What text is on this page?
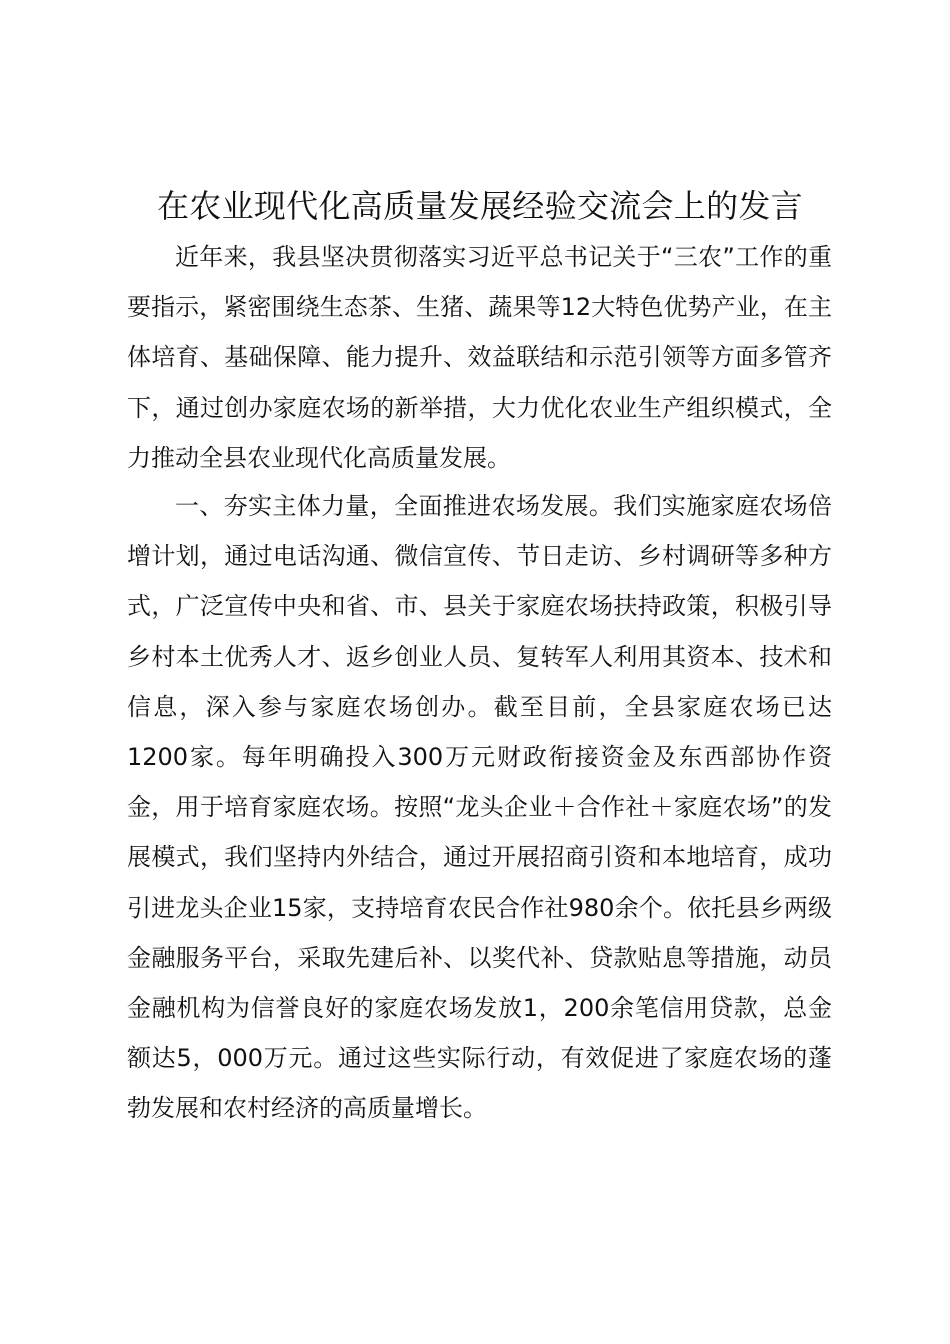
在农业现代化高质量发展经验交流会上的发言

近年来，我县坚决贯彻落实习近平总书记关于“三农”工作的重要指示，紧密围绕生态茶、生猪、蔬果等12大特色优势产业，在主体培育、基础保障、能力提升、效益联结和示范引领等方面多管齐下，通过创办家庭农场的新举措，大力优化农业生产组织模式，全力推动全县农业现代化高质量发展。

一、夯实主体力量，全面推进农场发展。我们实施家庭农场倍增计划，通过电话沟通、微信宣传、节日走访、乡村调研等多种方式，广泛宣传中央和省、市、县关于家庭农场扶持政策，积极引导乡村本土优秀人才、返乡创业人员、复转军人利用其资本、技术和信息，深入参与家庭农场创办。截至目前，全县家庭农场已达1200家。每年明确投入300万元财政衔接资金及东西部协作资金，用于培育家庭农场。按照“龙头企业＋合作社＋家庭农场”的发展模式，我们坚持内外结合，通过开展招商引资和本地培育，成功引进龙头企业15家，支持培育农民合作社980余个。依托县乡两级金融服务平台，采取先建后补、以奖代补、贷款贴息等措施，动员金融机构为信誉良好的家庭农场发放1，200余笔信用贷款，总金额达5，000万元。通过这些实际行动，有效促进了家庭农场的蓬勃发展和农村经济的高质量增长。
